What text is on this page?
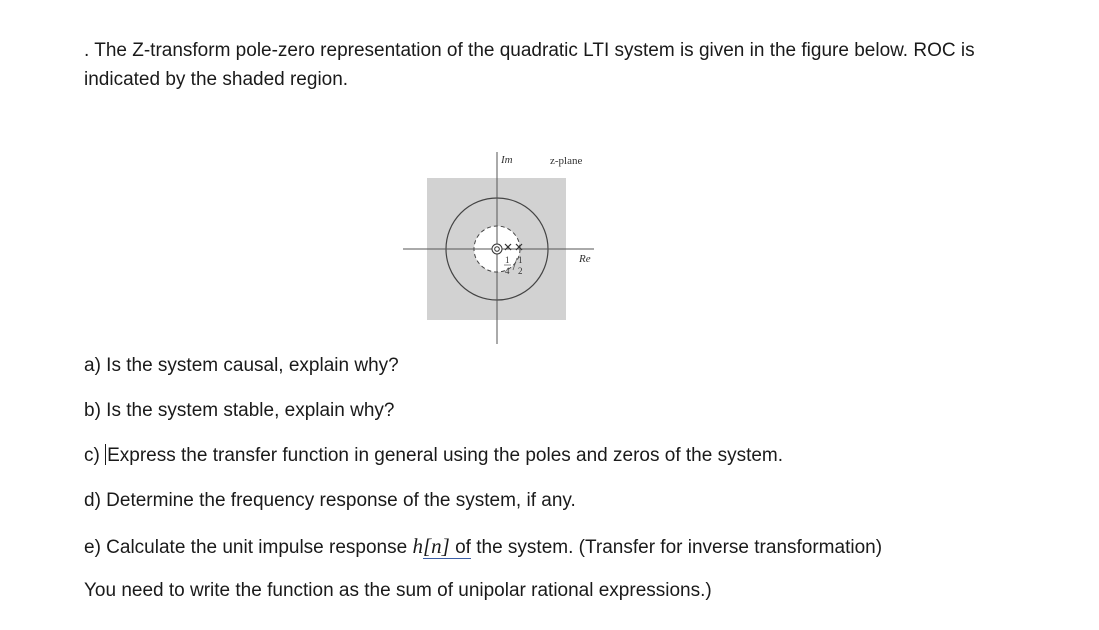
. The Z-transform pole-zero representation of the quadratic LTI system is given in the figure below. ROC is indicated by the shaded region.

Im	z-plane
Re
1
4
1
2

a) Is the system causal, explain why?

b) Is the system stable, explain why?

c) Express the transfer function in general using the poles and zeros of the system.

d) Determine the frequency response of the system, if any.

e) Calculate the unit impulse response h[n] of the system. (Transfer for inverse transformation)

You need to write the function as the sum of unipolar rational expressions.)
